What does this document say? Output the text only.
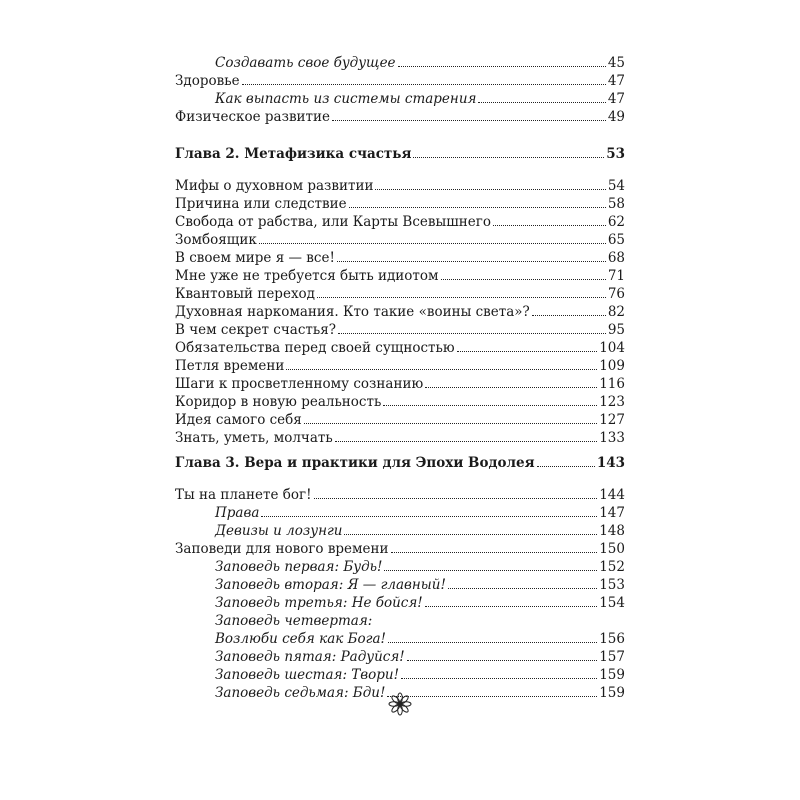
Создавать свое будущее	45
Здоровье	47
Как выпасть из системы старения	47
Физическое развитие	49
Глава 2. Метафизика счастья	53
Мифы о духовном развитии	54
Причина или следствие	58
Свобода от рабства, или Карты Всевышнего	62
Зомбоящик	65
В своем мире я — все!	68
Мне уже не требуется быть идиотом	71
Квантовый переход	76
Духовная наркомания. Кто такие «воины света»?	82
В чем секрет счастья?	95
Обязательства перед своей сущностью	104
Петля времени	109
Шаги к просветленному сознанию	116
Коридор в новую реальность	123
Идея самого себя	127
Знать, уметь, молчать	133
Глава 3. Вера и практики для Эпохи Водолея	143
Ты на планете бог!	144
Права	147
Девизы и лозунги	148
Заповеди для нового времени	150
Заповедь первая: Будь!	152
Заповедь вторая: Я — главный!	153
Заповедь третья: Не бойся!	154
Заповедь четвертая:
Возлюби себя как Бога!	156
Заповедь пятая: Радуйся!	157
Заповедь шестая: Твори!	159
Заповедь седьмая: Бди!	159
